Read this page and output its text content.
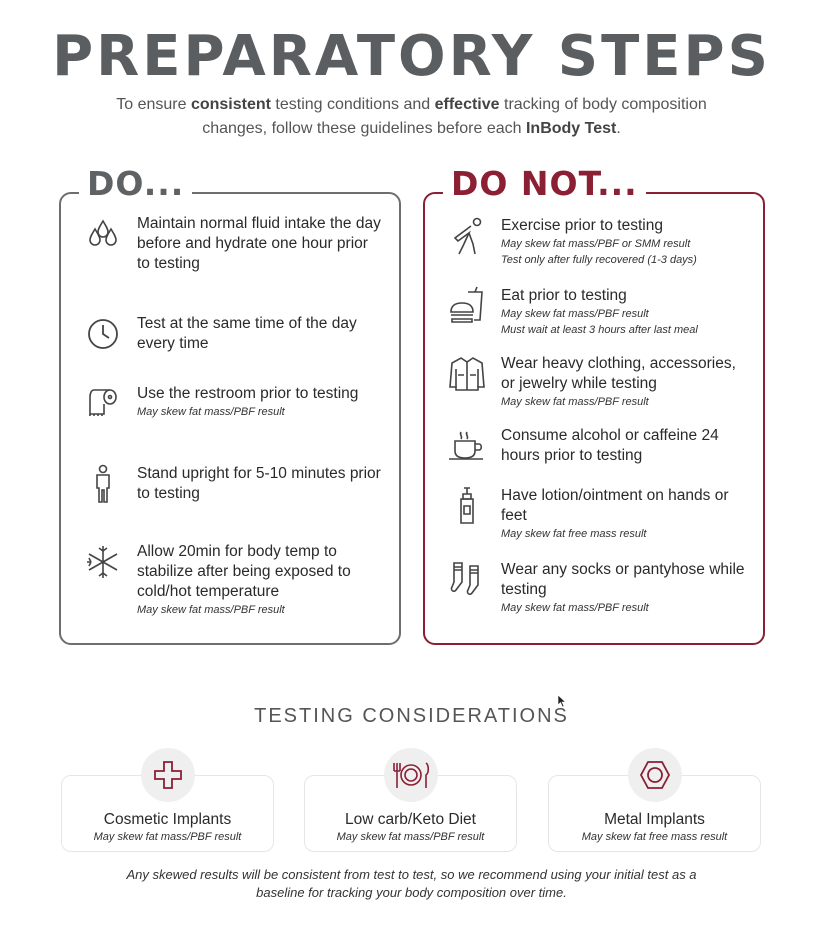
PREPARATORY STEPS
To ensure consistent testing conditions and effective tracking of body composition changes, follow these guidelines before each InBody Test.
DO...
Maintain normal fluid intake the day before and hydrate one hour prior to testing
Test at the same time of the day every time
Use the restroom prior to testing
May skew fat mass/PBF result
Stand upright for 5-10 minutes prior to testing
Allow 20min for body temp to stabilize after being exposed to cold/hot temperature
May skew fat mass/PBF result
DO NOT...
Exercise prior to testing
May skew fat mass/PBF or SMM result
Test only after fully recovered (1-3 days)
Eat prior to testing
May skew fat mass/PBF result
Must wait at least 3 hours after last meal
Wear heavy clothing, accessories, or jewelry while testing
May skew fat mass/PBF result
Consume alcohol or caffeine 24 hours prior to testing
Have lotion/ointment on hands or feet
May skew fat free mass result
Wear any socks or pantyhose while testing
May skew fat mass/PBF result
TESTING CONSIDERATIONS
Cosmetic Implants
May skew fat mass/PBF result
Low carb/Keto Diet
May skew fat mass/PBF result
Metal Implants
May skew fat free mass result
Any skewed results will be consistent from test to test, so we recommend using your initial test as a baseline for tracking your body composition over time.
